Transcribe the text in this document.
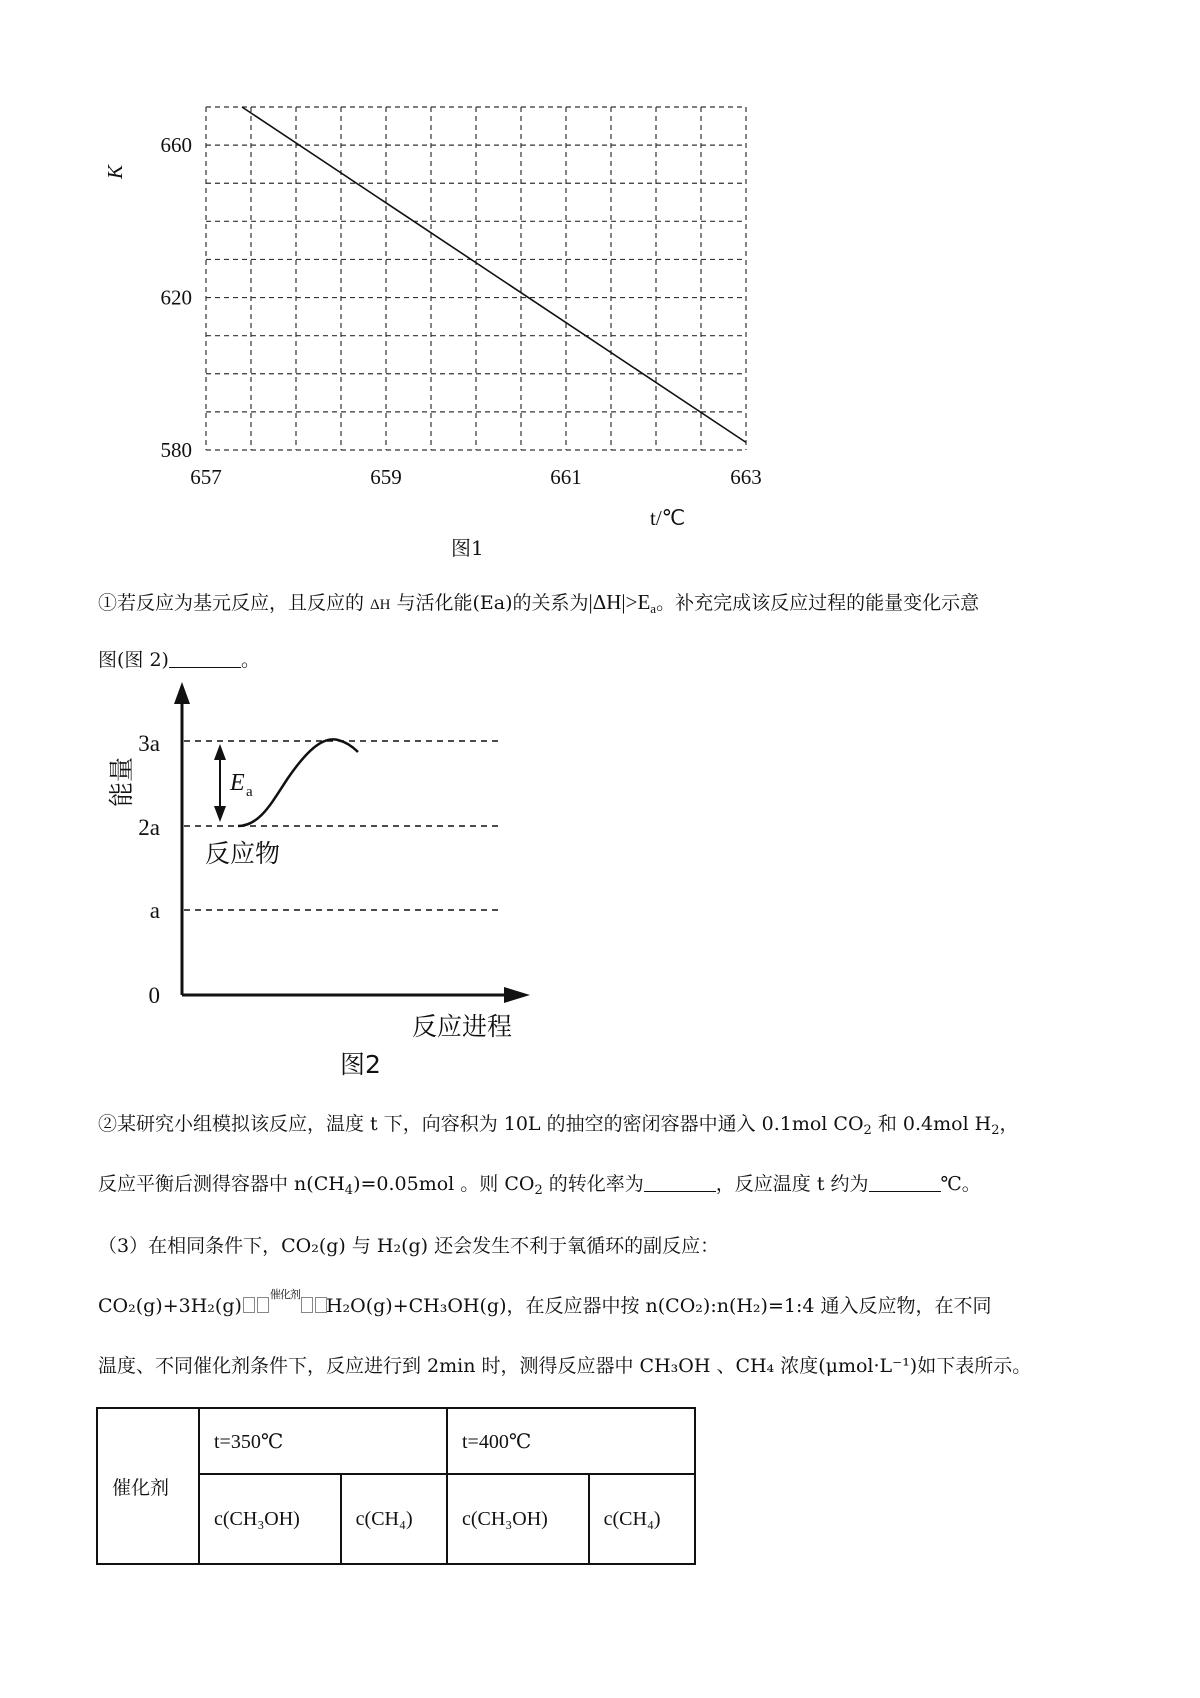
580
620
660
657	659	661	663
K
t/℃
图1
①若反应为基元反应，且反应的 ΔH 与活化能(Ea)的关系为$|\Delta H|>E_a$。补充完成该反应过程的能量变化示意
图(图 2)	。
3a
2a
a
0
能量	E a
反应物
反应进程
图2
②某研究小组模拟该反应，温度 t 下，向容积为 10L 的抽空的密闭容器中通入 0.1mol $CO_2$ 和 0.4mol $H_2$，
反应平衡后测得容器中 $n(CH_4)=0.05mol$ 。则 $CO_2$ 的转化率为	，反应温度 t 约为	℃。
（3）在相同条件下，CO₂(g) 与 H₂(g) 还会发生不利于氧循环的副反应：
$CO_2(g)+3H_2(g)^{催化剂}$ H₂O(g)+CH₃OH(g)，在反应器中按 n(CO₂):n(H₂)=1:4 通入反应物，在不同
温度、不同催化剂条件下，反应进行到 2min 时，测得反应器中 CH₃OH 、CH₄ 浓度(μmol·L⁻¹)如下表所示。
催化剂	t=350℃		t=400℃	
	c(CH₃OH)	c(CH₄)	c(CH₃OH)	c(CH₄)
